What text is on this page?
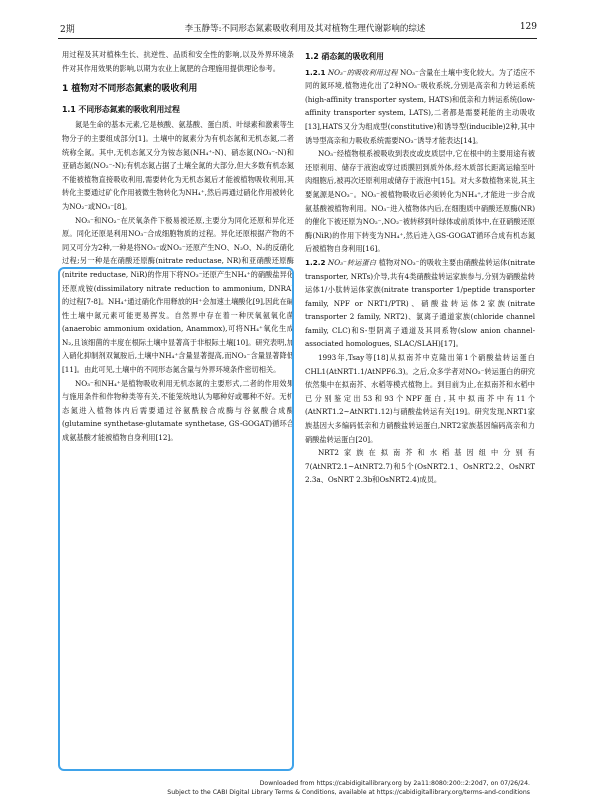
2期	李玉静等:不同形态氮素吸收利用及其对植物生理代谢影响的综述	129

用过程及其对植株生长、抗逆性、品质和安全性的影响,以及外界环境条件对其作用效果的影响,以期为农业上氮肥的合理施用提供理论参考。

1 植物对不同形态氮素的吸收利用
1.1 不同形态氮素的吸收利用过程

氮是生命的基本元素,它是核酸、氨基酸、蛋白质、叶绿素和激素等生物分子的主要组成部分[1]。土壤中的氮素分为有机态氮和无机态氮,二者统称全氮。其中,无机态氮又分为铵态氮(NH₄⁺-N)、硝态氮(NO₃⁻-N)和亚硝态氮(NO₂⁻-N);有机态氮占据了土壤全氮的大部分,但大多数有机态氮不能被植物直接吸收利用,需要转化为无机态氮后才能被植物吸收利用,其转化主要通过矿化作用被微生物转化为NH₄⁺,然后再通过硝化作用被转化为NO₂⁻或NO₃⁻[8]。

NO₃⁻和NO₂⁻在厌氧条件下极易被还原,主要分为同化还原和异化还原。同化还原是利用NO₃⁻合成细胞物质的过程。异化还原根据产物的不同又可分为2种,一种是将NO₃⁻或NO₂⁻还原产生NO、N₂O、N₂的反硝化过程;另一种是在硝酸还原酶(nitrate reductase, NR)和亚硝酸还原酶(nitrite reductase, NiR)的作用下将NO₃⁻还原产生NH₄⁺的硝酸盐异化还原成铵(dissimilatory nitrate reduction to ammonium, DNRA)的过程[7-8]。NH₄⁺通过硝化作用释放的H⁺会加速土壤酸化[9],因此在碱性土壤中氮元素可能更易挥发。自然界中存在着一种厌氧氨氧化菌(anaerobic ammonium oxidation, Anammox),可将NH₄⁺氧化生成N₂,且该细菌的丰度在根际土壤中显著高于非根际土壤[10]。研究表明,加入硝化抑制剂双氰胺后,土壤中NH₄⁺含量显著提高,而NO₃⁻含量显著降低[11]。由此可见,土壤中的不同形态氮含量与外界环境条件密切相关。

NO₃⁻和NH₄⁺是植物吸收利用无机态氮的主要形式,二者的作用效果与施用条件和作物种类等有关,不能笼统地认为哪种好或哪种不好。无机态氮进入植物体内后需要通过谷氨酰胺合成酶与谷氨酸合成酶(glutamine synthetase-glutamate synthetase, GS-GOGAT)循环合成氨基酸才能被植物自身利用[12]。

1.2 硝态氮的吸收利用

1.2.1 NO₃⁻的吸收利用过程 NO₃⁻含量在土壤中变化较大。为了适应不同的氮环境,植物进化出了2种NO₃⁻吸收系统,分别是高亲和力转运系统(high-affinity transporter system, HATS)和低亲和力转运系统(low-affinity transporter system, LATS),二者都是需要耗能的主动吸收[13],HATS又分为组成型(constitutive)和诱导型(inducible)2种,其中诱导型高亲和力吸收系统需要NO₃⁻诱导才能表达[14]。

NO₃⁻经植物根系被吸收到表皮或皮质层中,它在根中的主要用途有被还原利用、储存于液泡或穿过质膜回到质外体,经木质部长距离运输至叶肉细胞后,被再次还原利用或储存于液泡中[15]。对大多数植物来说,其主要氮源是NO₃⁻。NO₃⁻被植物吸收后必须转化为NH₄⁺,才能进一步合成氨基酸被植物利用。NO₃⁻进入植物体内后,在细胞质中硝酸还原酶(NR)的催化下被还原为NO₂⁻,NO₂⁻被转移到叶绿体或前质体中,在亚硝酸还原酶(NiR)的作用下转变为NH₄⁺,然后进入GS-GOGAT循环合成有机态氮后被植物自身利用[16]。

1.2.2 NO₃⁻转运蛋白 植物对NO₃⁻的吸收主要由硝酸盐转运体(nitrate transporter, NRTs)介导,共有4类硝酸盐转运家族参与,分别为硝酸盐转运体1/小肽转运体家族(nitrate transporter 1/peptide transporter family, NPF or NRT1/PTR)、硝酸盐转运体2家族(nitrate transporter 2 family, NRT2)、氯离子通道家族(chloride channel family, CLC)和S-型阴离子通道及其同系物(slow anion channel-associated homologues, SLAC/SLAH)[17]。

1993年,Tsay等[18]从拟南芥中克隆出第1个硝酸盐转运蛋白CHL1(AtNRT1.1/AtNPF6.3)。之后,众多学者对NO₃⁻转运蛋白的研究依然集中在拟南芥、水稻等模式植物上。到目前为止,在拟南芥和水稻中已分别鉴定出53和93个NPF蛋白,其中拟南芥中有11个(AtNRT1.2~AtNRT1.12)与硝酸盐转运有关[19]。研究发现,NRT1家族基因大多编码低亲和力硝酸盐转运蛋白,NRT2家族基因编码高亲和力硝酸盐转运蛋白[20]。

NRT2家族在拟南芥和水稻基因组中分别有7(AtNRT2.1~AtNRT2.7)和5个(OsNRT2.1、OsNRT2.2、OsNRT 2.3a、OsNRT 2.3b和OsNRT2.4)成员。

Downloaded from https://cabidigitallibrary.org by 2a11:8080:200::2:20d7, on 07/26/24.
Subject to the CABI Digital Library Terms & Conditions, available at https://cabidigitallibrary.org/terms-and-conditions
